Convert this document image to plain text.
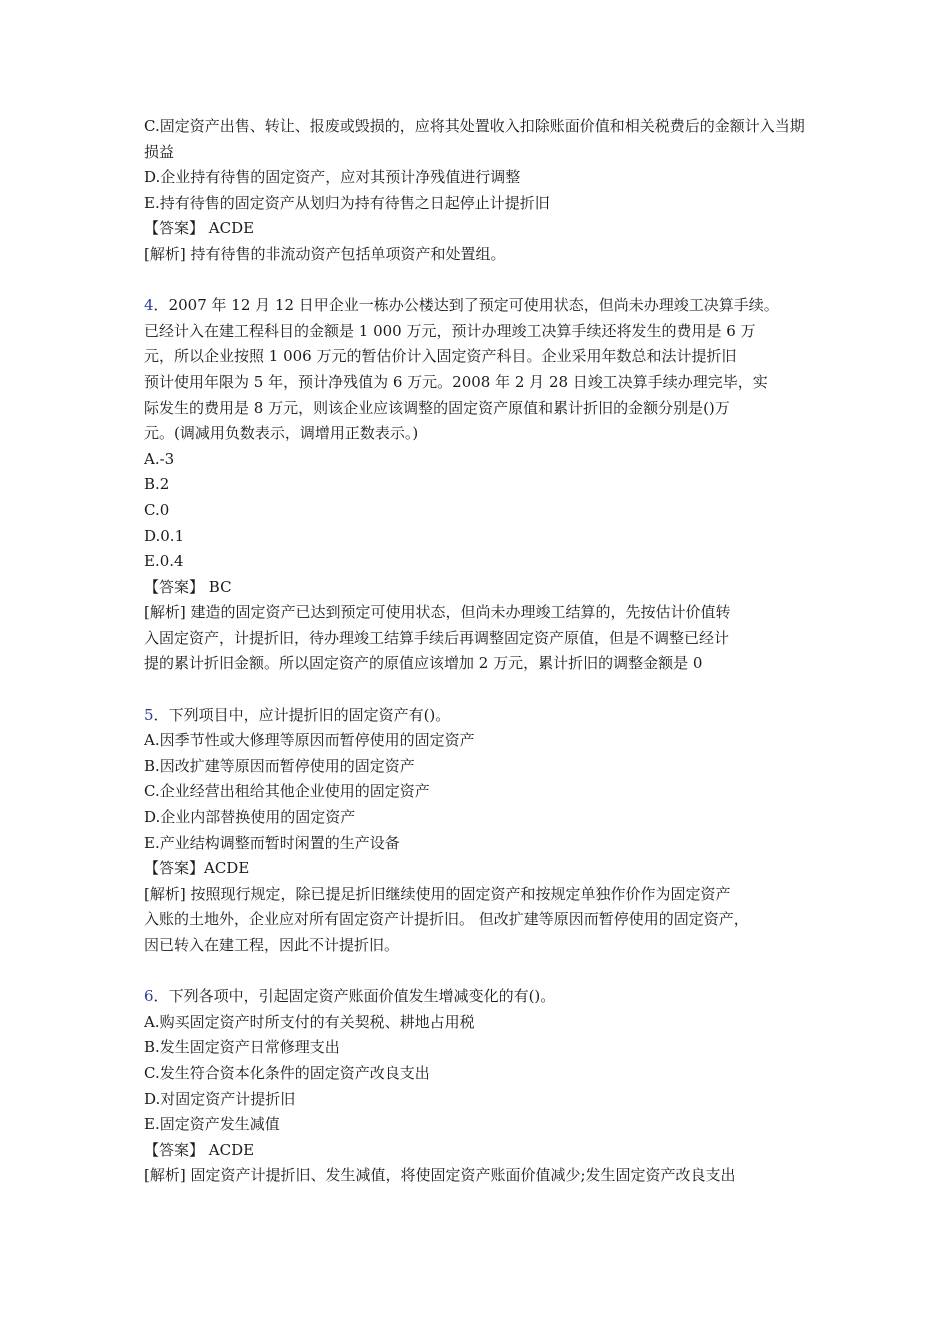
C.固定资产出售、转让、报废或毁损的，应将其处置收入扣除账面价值和相关税费后的金额计入当期损益
D.企业持有待售的固定资产，应对其预计净残值进行调整
E.持有待售的固定资产从划归为持有待售之日起停止计提折旧
【答案】 ACDE
[解析] 持有待售的非流动资产包括单项资产和处置组。
4．2007 年 12 月 12 日甲企业一栋办公楼达到了预定可使用状态，但尚未办理竣工决算手续。
已经计入在建工程科目的金额是 1 000 万元，预计办理竣工决算手续还将发生的费用是 6 万
元，所以企业按照 1 006 万元的暂估价计入固定资产科目。企业采用年数总和法计提折旧
预计使用年限为 5 年，预计净残值为 6 万元。2008 年 2 月 28 日竣工决算手续办理完毕，实
际发生的费用是 8 万元，则该企业应该调整的固定资产原值和累计折旧的金额分别是()万
元。(调减用负数表示，调增用正数表示。)
A.-3
B.2
C.0
D.0.1
E.0.4
【答案】 BC
[解析] 建造的固定资产已达到预定可使用状态，但尚未办理竣工结算的，先按估计价值转
入固定资产，计提折旧，待办理竣工结算手续后再调整固定资产原值，但是不调整已经计
提的累计折旧金额。所以固定资产的原值应该增加 2 万元，累计折旧的调整金额是 0
5．下列项目中，应计提折旧的固定资产有()。
A.因季节性或大修理等原因而暂停使用的固定资产
B.因改扩建等原因而暂停使用的固定资产
C.企业经营出租给其他企业使用的固定资产
D.企业内部替换使用的固定资产
E.产业结构调整而暂时闲置的生产设备
【答案】ACDE
[解析] 按照现行规定，除已提足折旧继续使用的固定资产和按规定单独作价作为固定资产
入账的土地外，企业应对所有固定资产计提折旧。 但改扩建等原因而暂停使用的固定资产，
因已转入在建工程，因此不计提折旧。
6．下列各项中，引起固定资产账面价值发生增减变化的有()。
A.购买固定资产时所支付的有关契税、耕地占用税
B.发生固定资产日常修理支出
C.发生符合资本化条件的固定资产改良支出
D.对固定资产计提折旧
E.固定资产发生减值
【答案】 ACDE
[解析] 固定资产计提折旧、发生减值，将使固定资产账面价值减少;发生固定资产改良支出
